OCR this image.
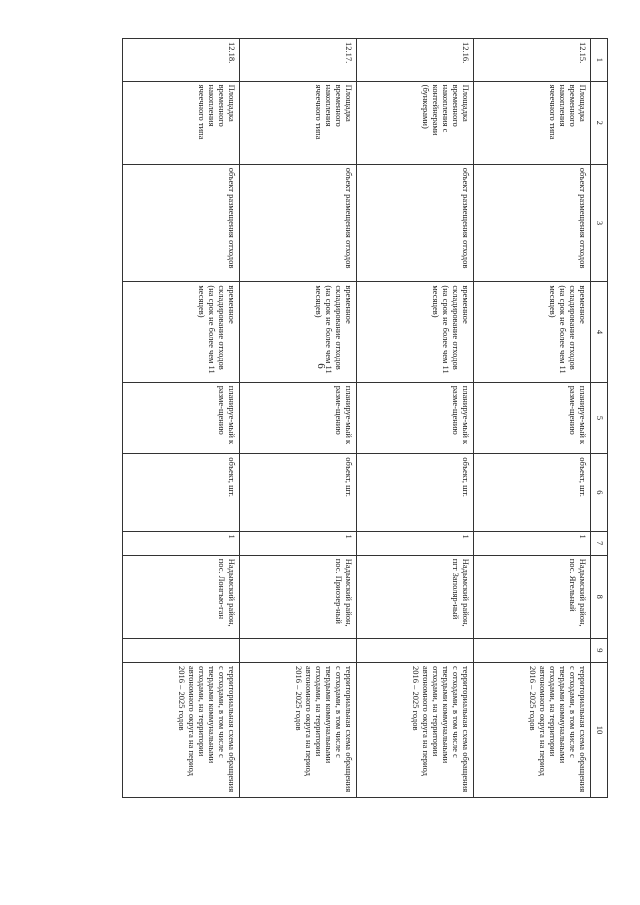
6
1	2	3	4	5	6	7	8	9	10
12.15.	Площадка временного накопления ячеечного типа	объект размещения отходов	временное складирование отходов (на срок не более чем 11 месяцев)	планируе-мый к разме-щению	объект, шт.	1	Надымский район, пос. Ягельный		территориальная схема обращения с отходами, в том числе с твердыми коммунальными отходами, на территории автономного округа на период 2016 – 2025 годов
12.16.	Площадка временного накопления с контейнерами (бункерами)	объект размещения отходов	временное складирование отходов (на срок не более чем 11 месяцев)	планируе-мый к разме-щению	объект, шт.	1	Надымский район, пгт Заполяр-ный		территориальная схема обращения с отходами, в том числе с твердыми коммунальными отходами, на территории автономного округа на период 2016 – 2025 годов
12.17.	Площадка временного накопления ячеечного типа	объект размещения отходов	временное складирование отходов (на срок не более чем 11 месяцев)	планируе-мый к разме-щению	объект, шт.	1	Надымский район, пос. Приозер-ный		территориальная схема обращения с отходами, в том числе с твердыми коммунальными отходами, на территории автономного округа на период 2016 – 2025 годов
12.18.	Площадка временного накопления ячеечного типа	объект размещения отходов	временное складирование отходов (на срок не более чем 11 месяцев)	планируе-мый к разме-щению	объект, шт.	1	Надымский район, пос. Лонгъю-ган		территориальная схема обращения с отходами, в том числе с твердыми коммунальными отходами, на территории автономного округа на период 2016 – 2025 годов
